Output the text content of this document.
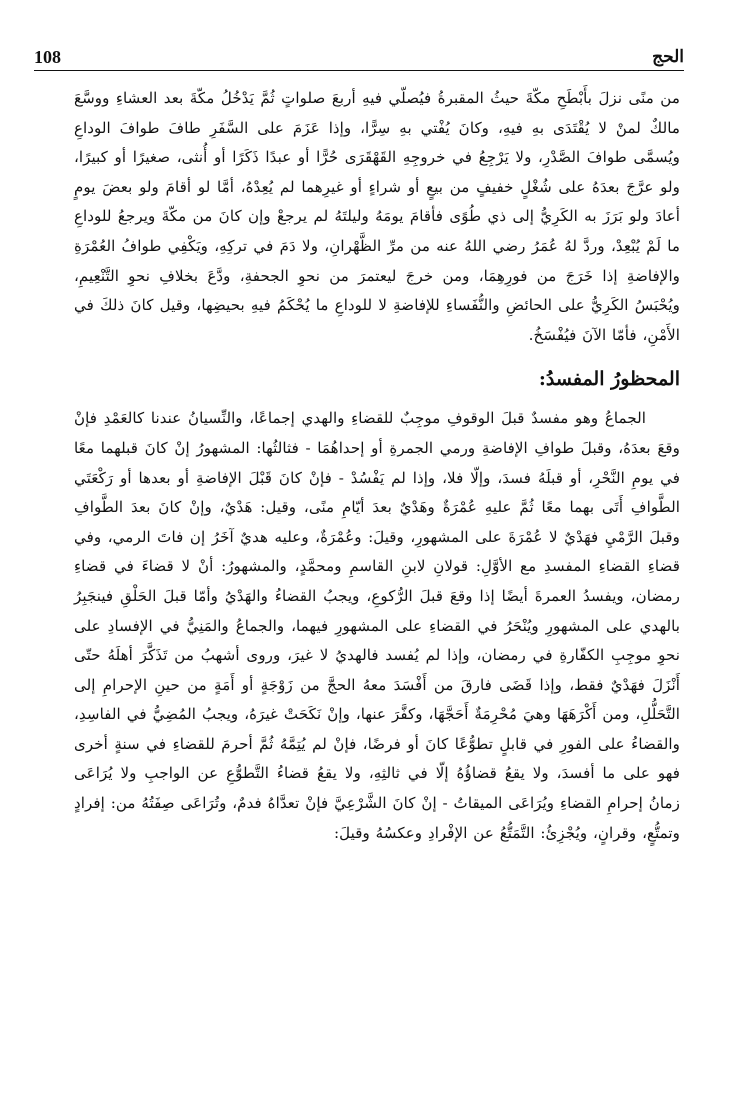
108	الحج

من منًى نزلَ بأَبْطَحِ مكّةَ حيثُ المقبرةُ فيُصلّي فيهِ أربعَ صلواتٍ ثُمَّ يَدْخُلُ مكّةَ بعد العشاءِ ووسَّعَ مالكٌ لمنْ لا يُقْتَدَى بهِ فيهِ، وكانَ يُفْتي بهِ سِرًّا، وإذا عَزَمَ على السَّفَرِ طافَ طوافَ الوداعِ ويُسمَّى طوافَ الصَّدْرِ، ولا يَرْجِعُ في خروجِهِ القَهْقَرَى حُرًّا أو عبدًا ذَكَرًا أو أُنثى، صغيرًا أو كبيرًا، ولو عرَّجَ بعدَهُ على شُغْلٍ خفيفٍ من بيعٍ أو شراءٍ أو غيرِهما لم يُعِدْهُ، أمَّا لو أقامَ ولو بعضَ يومٍ أعادَ ولو بَرَزَ به الكَرِيُّ إلى ذي طُوًى فأقامَ يومَهُ وليلتَهُ لم يرجعْ وإن كانَ من مكّةَ ويرجعُ للوداعِ ما لَمْ يُبْعِدْ، وردَّ لهُ عُمَرُ رضي اللهُ عنه من مرِّ الظَّهْرانِ، ولا دَمَ في تركِهِ، ويَكْفِي طوافُ العُمْرَةِ والإفاضةِ إذا خَرَجَ من فورِهِمَا، ومن خرجَ ليعتمرَ من نحوِ الجحفةِ، ودَّعَ بخلافِ نحوِ التَّنْعِيمِ، ويُحْبَسُ الكَرِيُّ على الحائضِ والنُّفَساءِ للإفاضةِ لا للوداعِ ما يُحْكَمُ فيهِ بحيضِها، وقيل كانَ ذلكَ في الأَمْنِ، فأمّا الآنَ فيُفْسَخُ.

المحظورُ المفسدُ:

الجماعُ وهو مفسدٌ قبلَ الوقوفِ موجِبٌ للقضاءِ والهدي إجماعًا، والنِّسيانُ عندنا كالعَمْدِ فإنْ وقعَ بعدَهُ، وقبلَ طوافِ الإفاضةِ ورمي الجمرةِ أو إحداهُمَا - فثالثُها: المشهورُ إنْ كانَ قبلهما معًا في يومِ النَّحْرِ، أو قبلَهُ فسدَ، وإلّا فلا، وإذا لم يَفْسُدْ - فإنْ كانَ قَبْلَ الإفاضةِ أو بعدها أو رَكْعَتَي الطَّوافِ أَتَى بهما معًا ثُمَّ عليهِ عُمْرَةٌ وهَدْيٌ بعدَ أيّامِ منًى، وقيل: هَدْيٌ، وإنْ كانَ بعدَ الطَّوافِ وقبلَ الرَّمْيِ فهَدْيٌ لا عُمْرَةَ على المشهورِ، وقيلَ: وعُمْرَةٌ، وعليه هديٌ آخَرُ إن فاتَ الرمي، وفي قضاءِ القضاءِ المفسدِ مع الأوَّلِ: قولانِ لابنِ القاسمِ ومحمَّدٍ، والمشهورُ: أنْ لا قضاءَ في قضاءِ رمضان، ويفسدُ العمرةَ أيضًا إذا وقعَ قبلَ الرُّكوعِ، ويجبُ القضاءُ والهَدْيُ وأمّا قبلَ الحَلْقِ فينجَبِرُ بالهدي على المشهورِ ويُنْحَرُ في القضاءِ على المشهورِ فيهما، والجماعُ والمَنِيُّ في الإفسادِ على نحوِ موجِبِ الكفّارةِ في رمضان، وإذا لم يُفسد فالهديُ لا غيرَ، وروى أشهبُ من تَذَكَّرَ أهلَهُ حتّى أَنْزَلَ فهَدْيٌ فقط، وإذا قَضَى فارقَ من أَفْسَدَ معهُ الحجَّ من زَوْجَةٍ أو أَمَةٍ من حينِ الإحرامِ إلى التَّحَلُّلِ، ومن أَكْرَهَهَا وهيَ مُحْرِمَةٌ أَحَجَّهَا، وكفَّرَ عنها، وإنْ نَكَحَتْ غيرَهُ، ويجبُ المُضِيُّ في الفاسِدِ، والقضاءُ على الفورِ في قابلٍ تطوُّعًا كانَ أو فرضًا، فإنْ لم يُتِمَّهُ ثُمَّ أحرمَ للقضاءِ في سنةٍ أخرى فهو على ما أفسدَ، ولا يقعُ قضاؤُهُ إلّا في ثالثِهِ، ولا يقعُ قضاءُ التَّطوُّعِ عن الواجبِ ولا يُرَاعَى زمانُ إحرامِ القضاءِ ويُرَاعَى الميقاتُ - إنْ كانَ الشَّرْعِيَّ فإنْ تعدَّاهُ فدمٌ، وتُرَاعَى صِفَتُهُ من: إفرادٍ وتمتُّعٍ، وقرانٍ، ويُجْزِئُ: التَّمَتُّعُ عن الإفْرادِ وعكسُهُ وقيلَ:
